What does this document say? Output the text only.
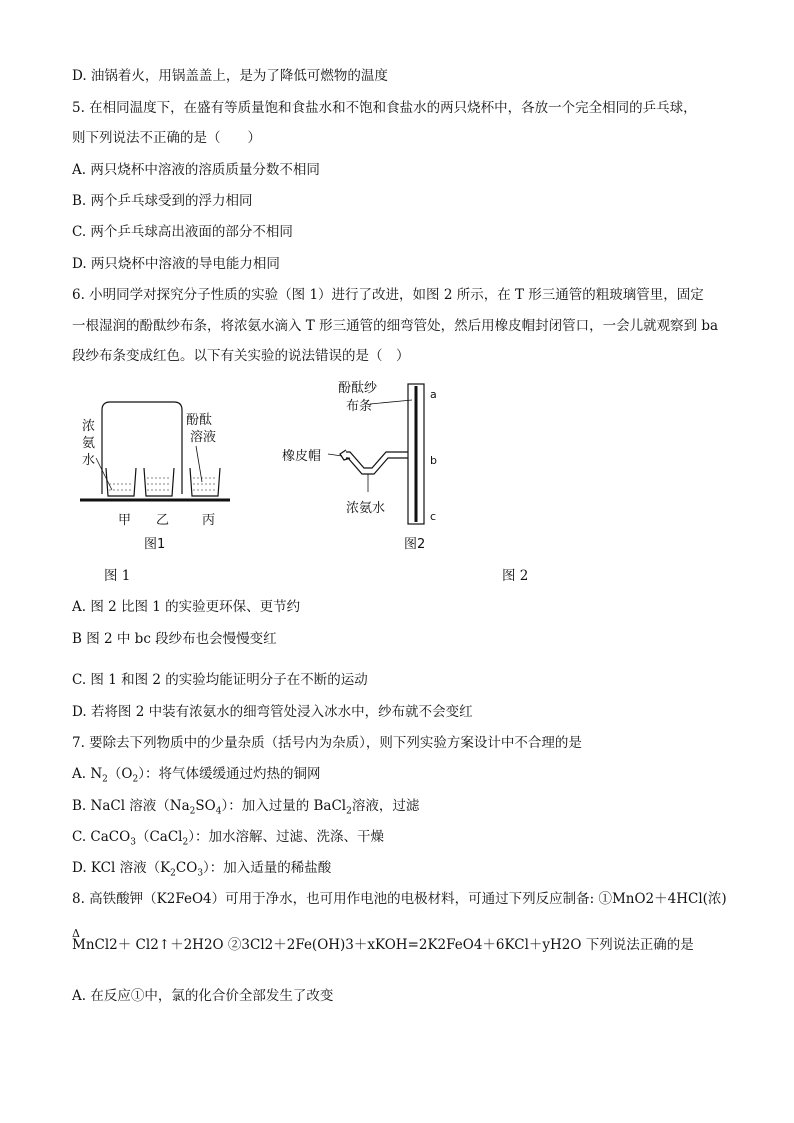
D. 油锅着火，用锅盖盖上，是为了降低可燃物的温度
5. 在相同温度下，在盛有等质量饱和食盐水和不饱和食盐水的两只烧杯中，各放一个完全相同的乒乓球，
则下列说法不正确的是（　　）
A. 两只烧杯中溶液的溶质质量分数不相同
B. 两个乒乓球受到的浮力相同
C. 两个乒乓球高出液面的部分不相同
D. 两只烧杯中溶液的导电能力相同
6. 小明同学对探究分子性质的实验（图 1）进行了改进，如图 2 所示，在 T 形三通管的粗玻璃管里，固定
一根湿润的酚酞纱布条，将浓氨水滴入 T 形三通管的细弯管处，然后用橡皮帽封闭管口，一会儿就观察到 ba
段纱布条变成红色。以下有关实验的说法错误的是（　）
浓
氨
水
酚酞
溶液
甲 乙	丙
图1
酚酞纱
布条
橡皮帽
浓氨水
a
b
c
图2
图 1	图 2
A. 图 2 比图 1 的实验更环保、更节约
B 图 2 中 bc 段纱布也会慢慢变红
C. 图 1 和图 2 的实验均能证明分子在不断的运动
D. 若将图 2 中装有浓氨水的细弯管处浸入冰水中，纱布就不会变红
7. 要除去下列物质中的少量杂质（括号内为杂质），则下列实验方案设计中不合理的是
A. $N_2(O_2)$：将气体缓缓通过灼热的铜网
B. NaCl 溶液$(Na_2SO_4)$：加入过量的 BaCl$_2$溶液，过滤
C. CaCO$_3$（CaCl$_2$）：加水溶解、过滤、洗涤、干燥
D. KCl 溶液$(K_2CO_3)$：加入适量的稀盐酸
8. 高铁酸钾（K2FeO4）可用于净水，也可用作电池的电极材料，可通过下列反应制备: ①MnO2＋4HCl(浓)
Δ
MnCl2＋ Cl2↑＋2H2O ②3Cl2＋2Fe(OH)3＋xKOH=2K2FeO4＋6KCl＋yH2O 下列说法正确的是
A. 在反应①中，氯的化合价全部发生了改变
